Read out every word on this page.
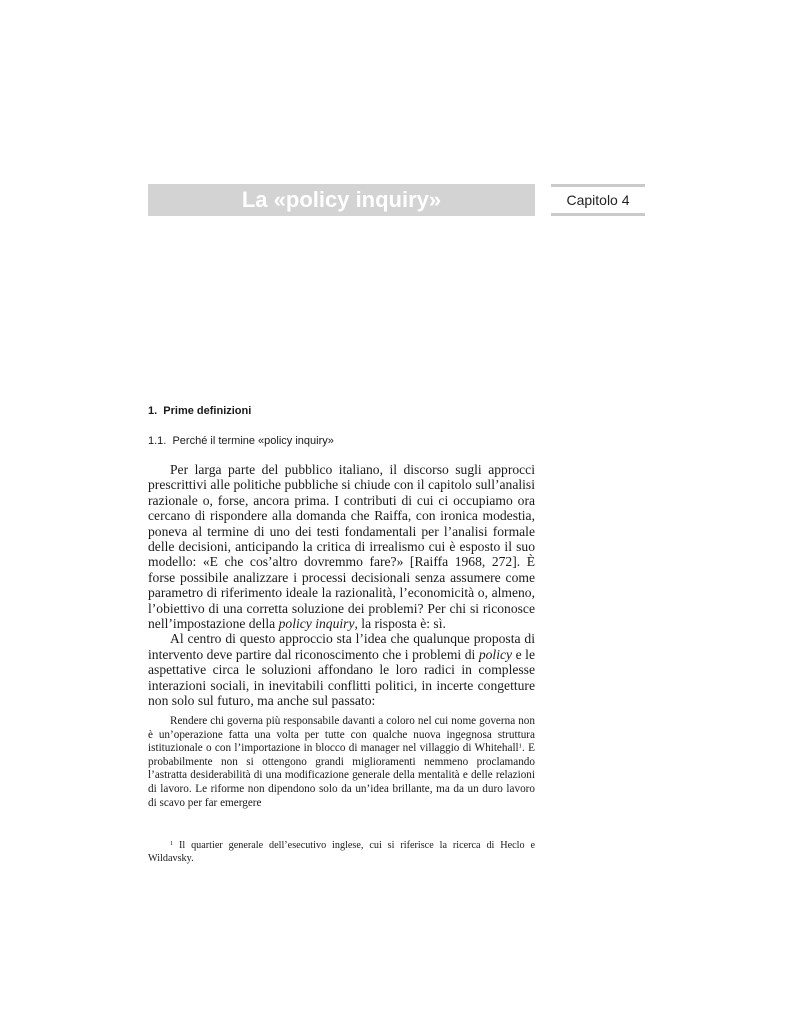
La «policy inquiry»	Capitolo 4
1.  Prime definizioni
1.1.  Perché il termine «policy inquiry»

Per larga parte del pubblico italiano, il discorso sugli approcci prescrittivi alle politiche pubbliche si chiude con il capitolo sull’analisi razionale o, forse, ancora prima. I contributi di cui ci occupiamo ora cercano di rispondere alla domanda che Raiffa, con ironica modestia, poneva al termine di uno dei testi fondamentali per l’analisi formale delle decisioni, anticipando la critica di irrealismo cui è esposto il suo modello: «E che cos’altro dovremmo fare?» [Raiffa 1968, 272]. È forse possibile analizzare i processi decisionali senza assumere come parametro di riferimento ideale la razionalità, l’economicità o, almeno, l’obiettivo di una corretta soluzione dei problemi? Per chi si riconosce nell’impostazione della policy inquiry, la risposta è: sì.

Al centro di questo approccio sta l’idea che qualunque proposta di intervento deve partire dal riconoscimento che i problemi di policy e le aspettative circa le soluzioni affondano le loro radici in complesse interazioni sociali, in inevitabili conflitti politici, in incerte congetture non solo sul futuro, ma anche sul passato:

Rendere chi governa più responsabile davanti a coloro nel cui nome governa non è un’operazione fatta una volta per tutte con qualche nuova ingegnosa struttura istituzionale o con l’importazione in blocco di manager nel villaggio di Whitehall$^1$. E probabilmente non si ottengono grandi miglioramenti nemmeno proclamando l’astratta desiderabilità di una modificazione generale della mentalità e delle relazioni di lavoro. Le riforme non dipendono solo da un’idea brillante, ma da un duro lavoro di scavo per far emergere

$^1$ Il quartier generale dell’esecutivo inglese, cui si riferisce la ricerca di Heclo e Wildavsky.
